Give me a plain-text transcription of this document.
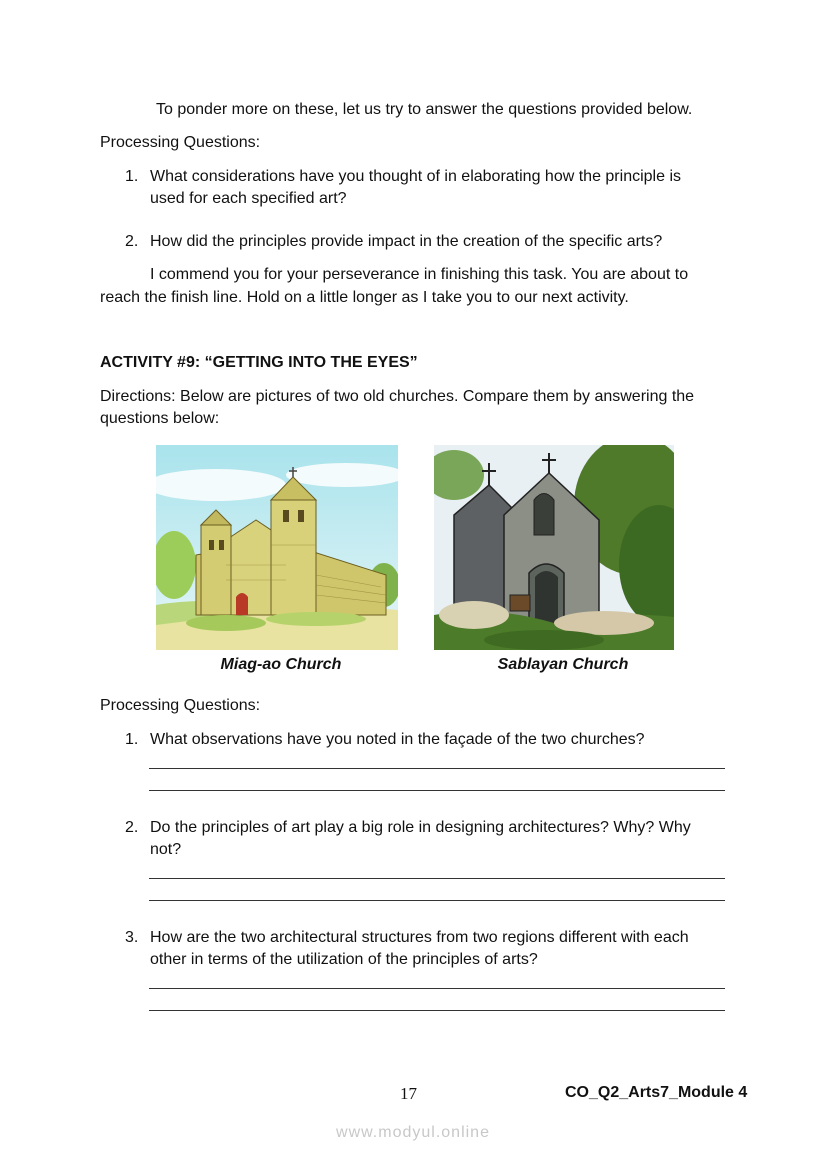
To ponder more on these, let us try to answer the questions provided below.
Processing Questions:
1. What considerations have you thought of in elaborating how the principle is used for each specified art?
2. How did the principles provide impact in the creation of the specific arts?
I commend you for your perseverance in finishing this task. You are about to
reach the finish line. Hold on a little longer as I take you to our next activity.
ACTIVITY #9: “GETTING INTO THE EYES”
Directions: Below are pictures of two old churches. Compare them by answering the questions below:
Miag-ao Church	Sablayan Church
Processing Questions:
1. What observations have you noted in the façade of the two churches?
2. Do the principles of art play a big role in designing architectures? Why? Why not?
3. How are the two architectural structures from two regions different with each other in terms of the utilization of the principles of arts?
17	CO_Q2_Arts7_Module 4
www.modyul.online
